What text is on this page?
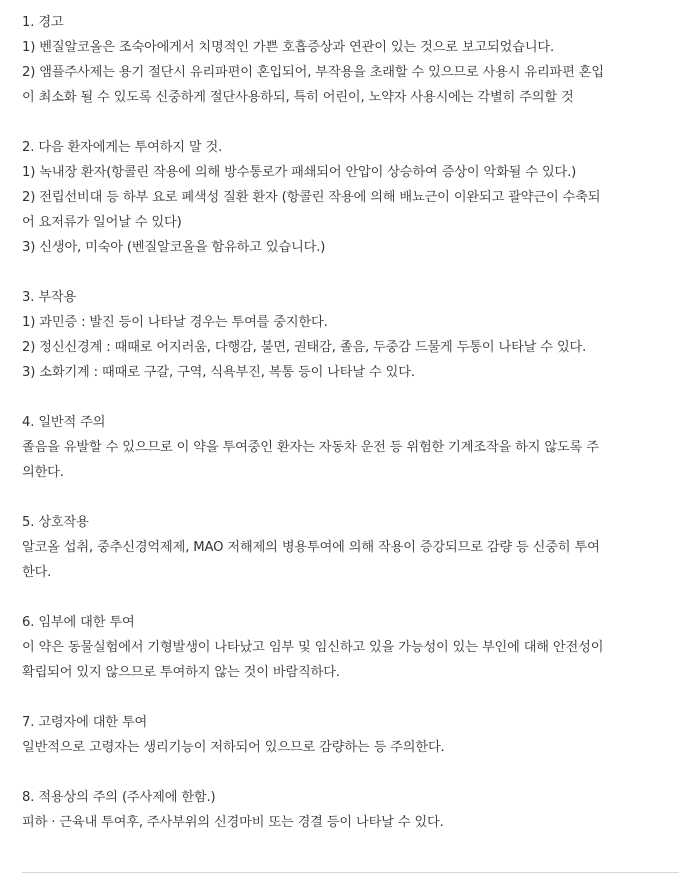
1. 경고
1) 벤질알코올은 조숙아에게서 치명적인 가쁜 호흡증상과 연관이 있는 것으로 보고되었습니다.
2) 앰플주사제는 용기 절단시 유리파편이 혼입되어, 부작용을 초래할 수 있으므로 사용시 유리파편 혼입
이 최소화 될 수 있도록 신중하게 절단사용하되, 특히 어린이, 노약자 사용시에는 각별히 주의할 것
2. 다음 환자에게는 투여하지 말 것.
1) 녹내장 환자(항콜린 작용에 의해 방수통로가 패쇄되어 안압이 상승하여 증상이 악화될 수 있다.)
2) 전립선비대 등 하부 요로 폐색성 질환 환자 (항콜린 작용에 의해 배뇨근이 이완되고 괄약근이 수축되
어 요저류가 일어날 수 있다)
3) 신생아, 미숙아 (벤질알코올을 함유하고 있습니다.)
3. 부작용
1) 과민증 : 발진 등이 나타날 경우는 투여를 중지한다.
2) 정신신경계 : 때때로 어지러움, 다행감, 불면, 권태감, 졸음, 두중감 드물게 두통이 나타날 수 있다.
3) 소화기계 : 때때로 구갈, 구역, 식욕부진, 복통 등이 나타날 수 있다.
4. 일반적 주의
졸음을 유발할 수 있으므로 이 약을 투여중인 환자는 자동차 운전 등 위험한 기계조작을 하지 않도록 주
의한다.
5. 상호작용
알코올 섭취, 중추신경억제제, MAO 저해제의 병용투여에 의해 작용이 증강되므로 감량 등 신중히 투여
한다.
6. 임부에 대한 투여
이 약은 동물실험에서 기형발생이 나타났고 임부 및 임신하고 있을 가능성이 있는 부인에 대해 안전성이
확립되어 있지 않으므로 투여하지 않는 것이 바람직하다.
7. 고령자에 대한 투여
일반적으로 고령자는 생리기능이 저하되어 있으므로 감량하는 등 주의한다.
8. 적용상의 주의 (주사제에 한함.)
피하 · 근육내 투여후, 주사부위의 신경마비 또는 경결 등이 나타날 수 있다.
